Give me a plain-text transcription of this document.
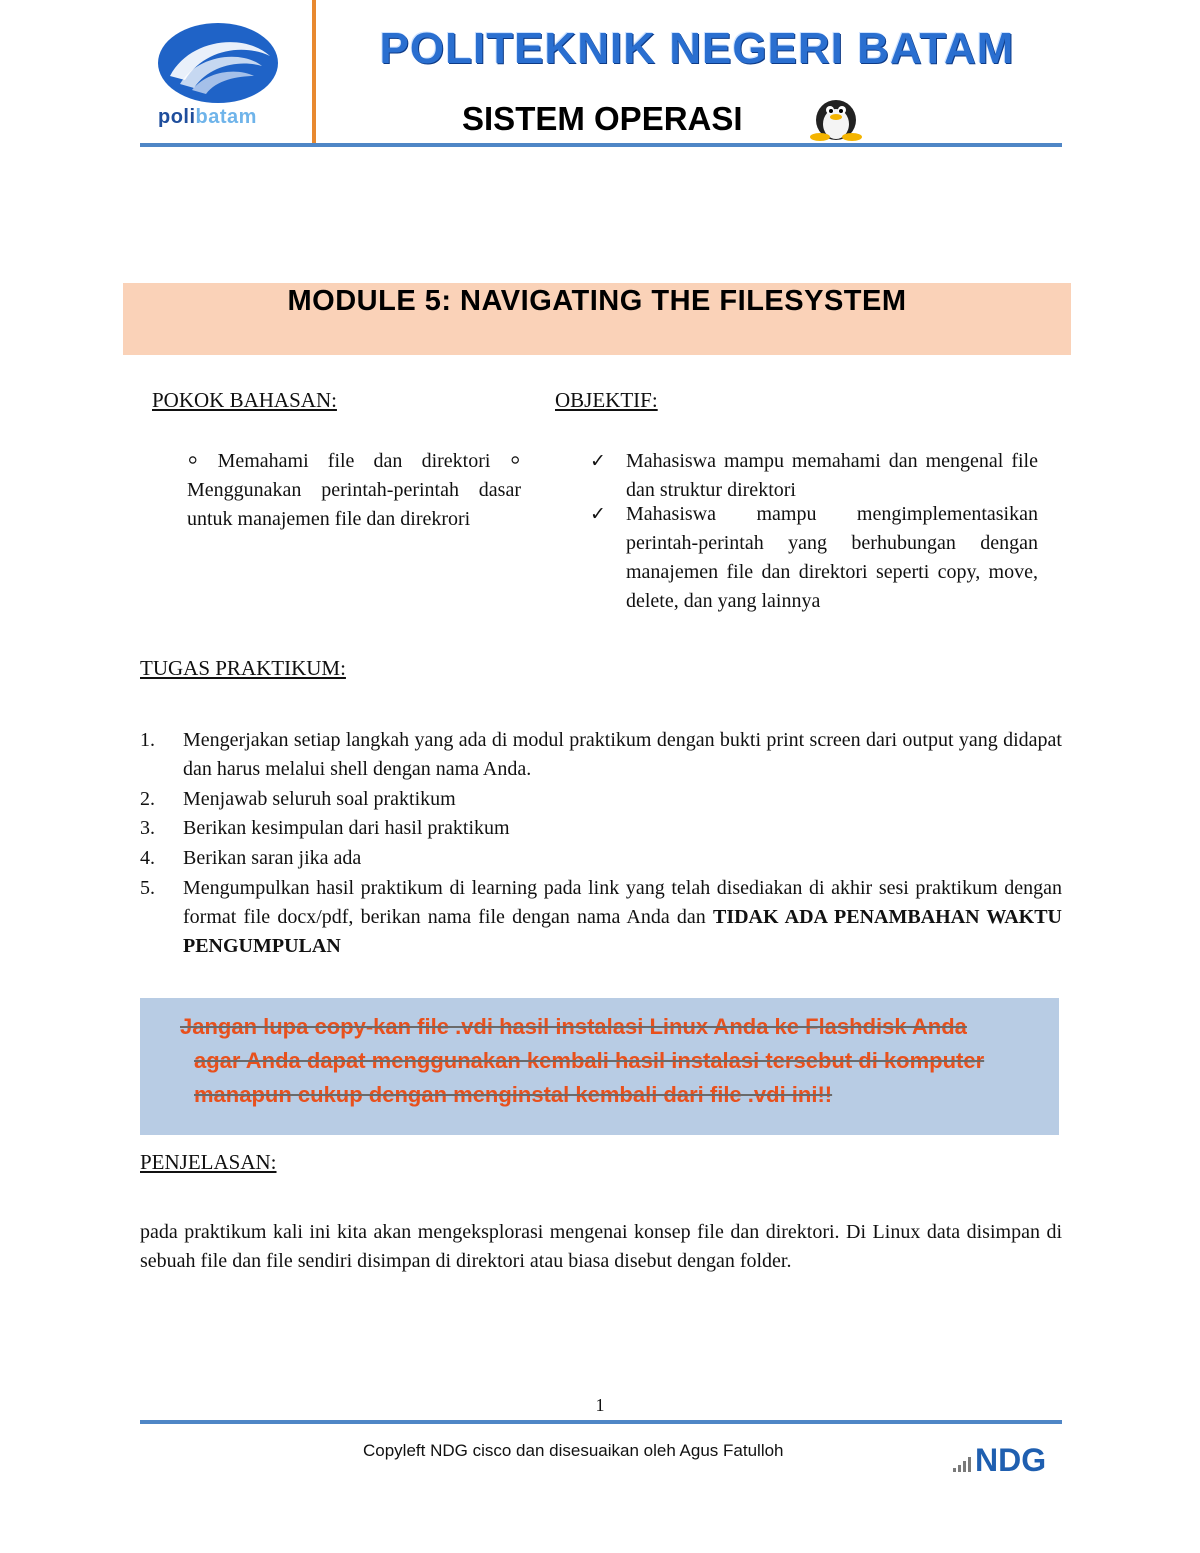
polibatam
POLITEKNIK NEGERI BATAM
SISTEM OPERASI
MODULE 5: NAVIGATING THE FILESYSTEM
POKOK BAHASAN:	OBJEKTIF:
⸰ Memahami file dan direktori ⸰ Menggunakan perintah-perintah dasar untuk manajemen file dan direkrori
✓ Mahasiswa mampu memahami dan mengenal file dan struktur direktori
✓ Mahasiswa mampu mengimplementasikan perintah-perintah yang berhubungan dengan manajemen file dan direktori seperti copy, move, delete, dan yang lainnya
TUGAS PRAKTIKUM:
1. Mengerjakan setiap langkah yang ada di modul praktikum dengan bukti print screen dari output yang didapat dan harus melalui shell dengan nama Anda.
2. Menjawab seluruh soal praktikum
3. Berikan kesimpulan dari hasil praktikum
4. Berikan saran jika ada
5. Mengumpulkan hasil praktikum di learning pada link yang telah disediakan di akhir sesi praktikum dengan format file docx/pdf, berikan nama file dengan nama Anda dan TIDAK ADA PENAMBAHAN WAKTU PENGUMPULAN
Jangan lupa copy-kan file .vdi hasil instalasi Linux Anda ke Flashdisk Anda
agar Anda dapat menggunakan kembali hasil instalasi tersebut di komputer
manapun cukup dengan menginstal kembali dari file .vdi ini!!
PENJELASAN:
pada praktikum kali ini kita akan mengeksplorasi mengenai konsep file dan direktori. Di Linux data disimpan di sebuah file dan file sendiri disimpan di direktori atau biasa disebut dengan folder.
1
Copyleft NDG cisco dan disesuaikan oleh Agus Fatulloh	NDG
